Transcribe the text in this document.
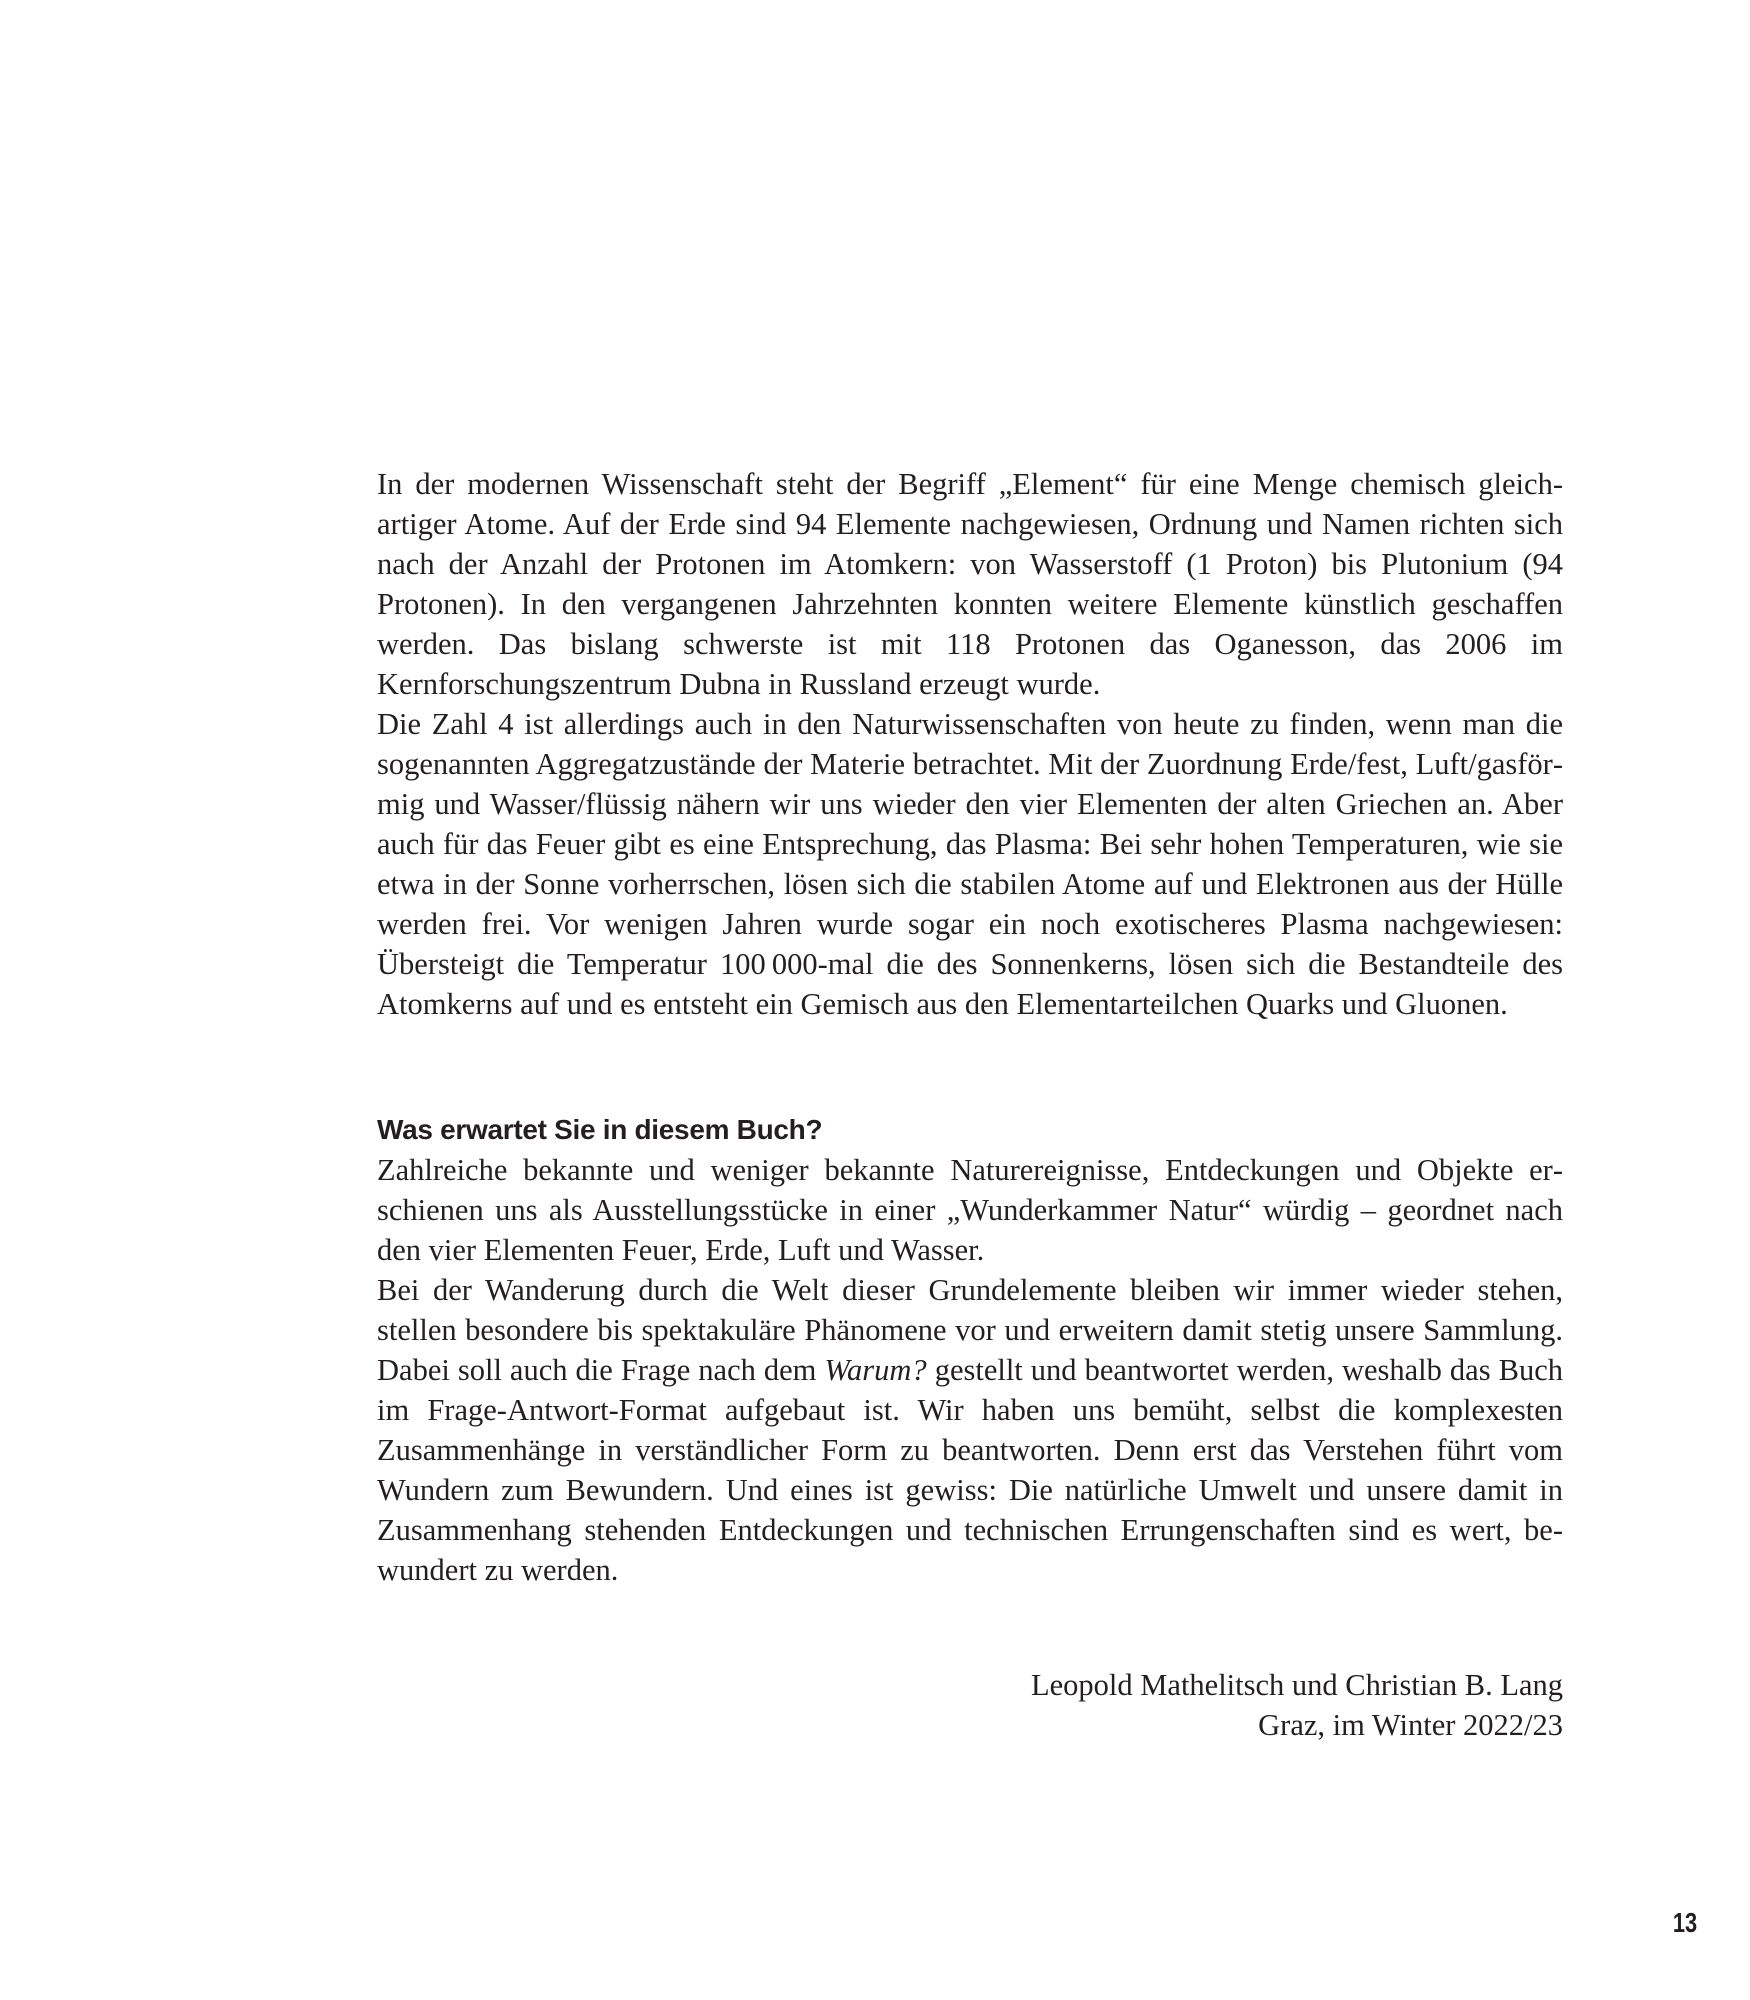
In der modernen Wissenschaft steht der Begriff „Element“ für eine Menge chemisch gleichartiger Atome. Auf der Erde sind 94 Elemente nachgewiesen, Ordnung und Namen richten sich nach der Anzahl der Protonen im Atomkern: von Wasserstoff (1 Proton) bis Plutonium (94 Protonen). In den vergangenen Jahrzehnten konnten weitere Elemente künstlich geschaffen werden. Das bislang schwerste ist mit 118 Protonen das Oganesson, das 2006 im Kernforschungszentrum Dubna in Russland erzeugt wurde.

Die Zahl 4 ist allerdings auch in den Naturwissenschaften von heute zu finden, wenn man die sogenannten Aggregatzustände der Materie betrachtet. Mit der Zuordnung Erde/fest, Luft/gasförmig und Wasser/flüssig nähern wir uns wieder den vier Elementen der alten Griechen an. Aber auch für das Feuer gibt es eine Entsprechung, das Plasma: Bei sehr hohen Temperaturen, wie sie etwa in der Sonne vorherrschen, lösen sich die stabilen Atome auf und Elektronen aus der Hülle werden frei. Vor wenigen Jahren wurde sogar ein noch exotischeres Plasma nachgewiesen: Übersteigt die Temperatur 100 000-mal die des Sonnenkerns, lösen sich die Bestandteile des Atomkerns auf und es entsteht ein Gemisch aus den Elementarteilchen Quarks und Gluonen.

Was erwartet Sie in diesem Buch?

Zahlreiche bekannte und weniger bekannte Naturereignisse, Entdeckungen und Objekte erschienen uns als Ausstellungsstücke in einer „Wunderkammer Natur“ würdig – geordnet nach den vier Elementen Feuer, Erde, Luft und Wasser.

Bei der Wanderung durch die Welt dieser Grundelemente bleiben wir immer wieder stehen, stellen besondere bis spektakuläre Phänomene vor und erweitern damit stetig unsere Sammlung. Dabei soll auch die Frage nach dem Warum? gestellt und beantwortet werden, weshalb das Buch im Frage-Antwort-Format aufgebaut ist. Wir haben uns bemüht, selbst die komplexesten Zusammenhänge in verständlicher Form zu beantworten. Denn erst das Verstehen führt vom Wundern zum Bewundern. Und eines ist gewiss: Die natürliche Umwelt und unsere damit in Zusammenhang stehenden Entdeckungen und technischen Errungenschaften sind es wert, bewundert zu werden.

Leopold Mathelitsch und Christian B. Lang
Graz, im Winter 2022/23
13
